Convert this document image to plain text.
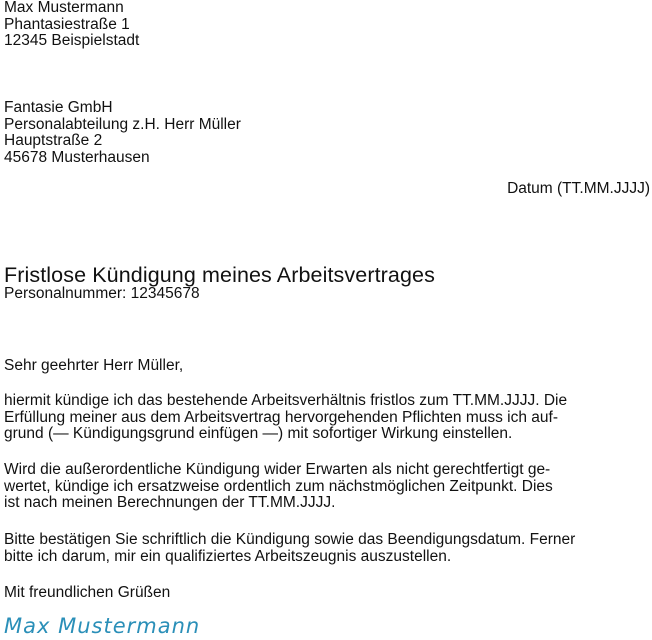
Max Mustermann
Phantasiestraße 1
12345 Beispielstadt
Fantasie GmbH
Personalabteilung z.H. Herr Müller
Hauptstraße 2
45678 Musterhausen
Datum (TT.MM.JJJJ)
Fristlose Kündigung meines Arbeitsvertrages
Personalnummer: 12345678
Sehr geehrter Herr Müller,
hiermit kündige ich das bestehende Arbeitsverhältnis fristlos zum TT.MM.JJJJ. Die
Erfüllung meiner aus dem Arbeitsvertrag hervorgehenden Pflichten muss ich auf-
grund (— Kündigungsgrund einfügen —) mit sofortiger Wirkung einstellen.
Wird die außerordentliche Kündigung wider Erwarten als nicht gerechtfertigt ge-
wertet, kündige ich ersatzweise ordentlich zum nächstmöglichen Zeitpunkt. Dies
ist nach meinen Berechnungen der TT.MM.JJJJ.
Bitte bestätigen Sie schriftlich die Kündigung sowie das Beendigungsdatum. Ferner
bitte ich darum, mir ein qualifiziertes Arbeitszeugnis auszustellen.
Mit freundlichen Grüßen
Max Mustermann
